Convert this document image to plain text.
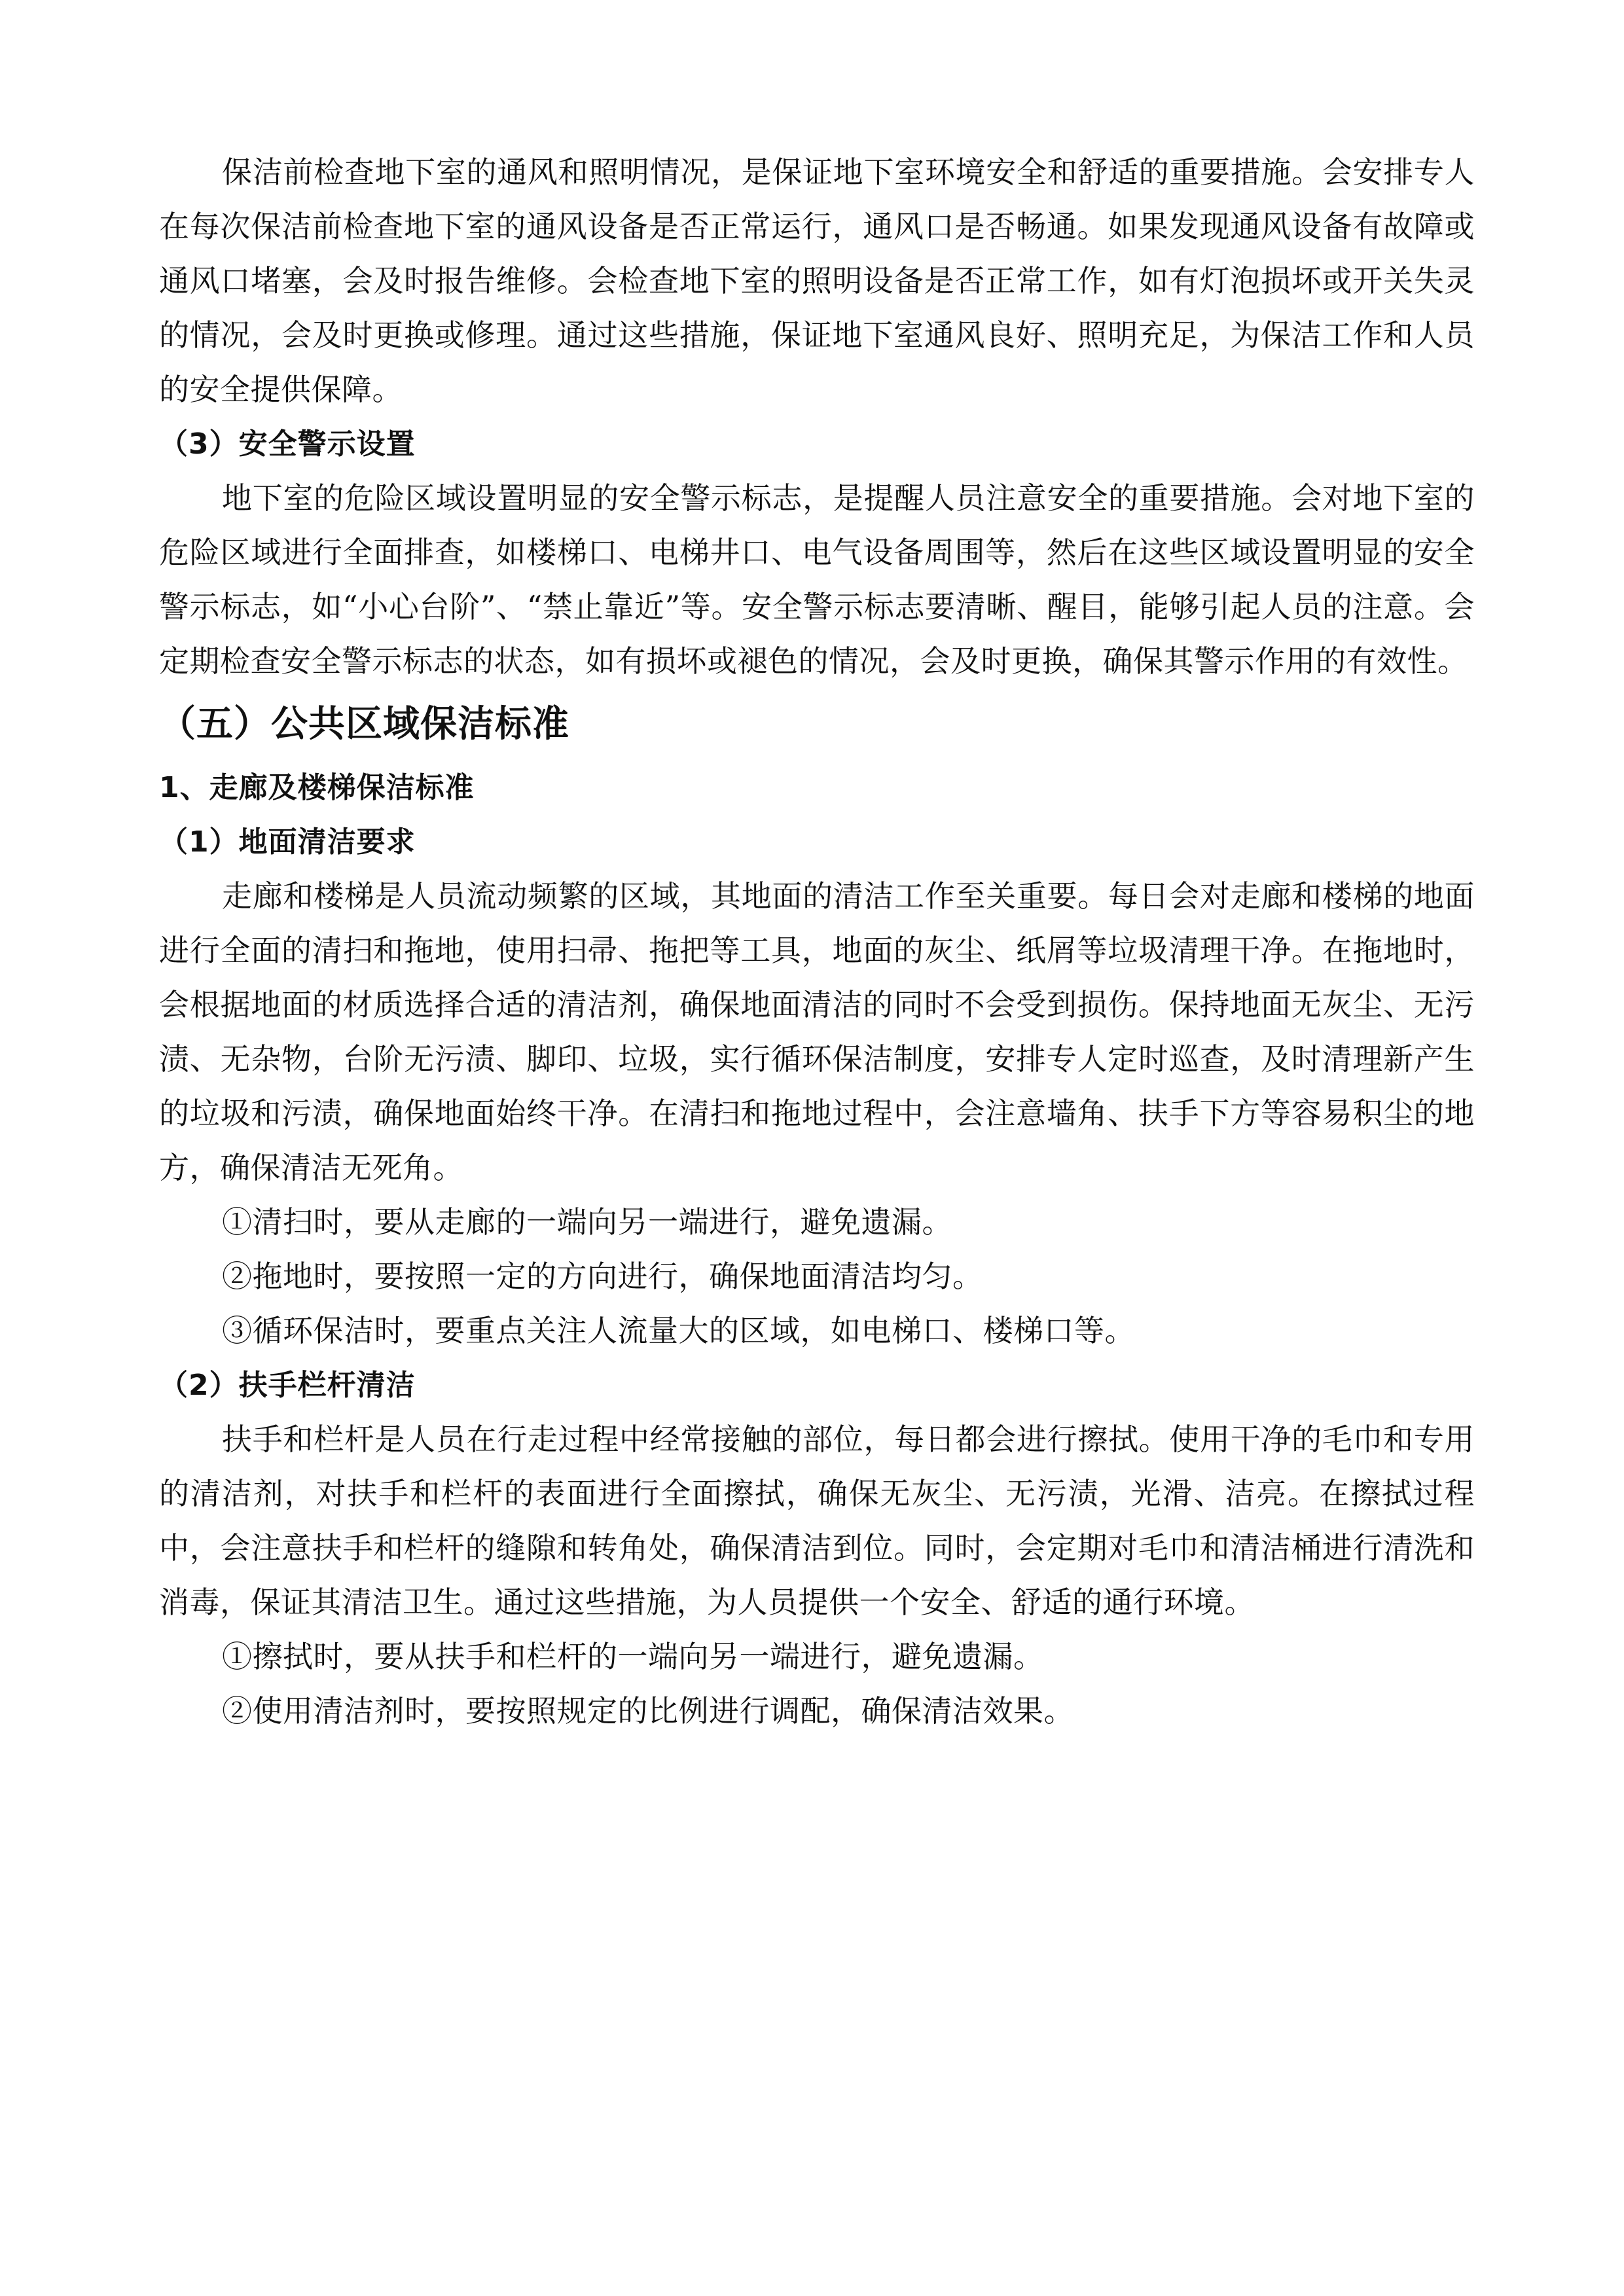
保洁前检查地下室的通风和照明情况，是保证地下室环境安全和舒适的重要措施。会安排专人在每次保洁前检查地下室的通风设备是否正常运行，通风口是否畅通。如果发现通风设备有故障或通风口堵塞，会及时报告维修。会检查地下室的照明设备是否正常工作，如有灯泡损坏或开关失灵的情况，会及时更换或修理。通过这些措施，保证地下室通风良好、照明充足，为保洁工作和人员的安全提供保障。

（3）安全警示设置

地下室的危险区域设置明显的安全警示标志，是提醒人员注意安全的重要措施。会对地下室的危险区域进行全面排查，如楼梯口、电梯井口、电气设备周围等，然后在这些区域设置明显的安全警示标志，如“小心台阶”、“禁止靠近”等。安全警示标志要清晰、醒目，能够引起人员的注意。会定期检查安全警示标志的状态，如有损坏或褪色的情况，会及时更换，确保其警示作用的有效性。

（五）公共区域保洁标准

1、走廊及楼梯保洁标准

（1）地面清洁要求

走廊和楼梯是人员流动频繁的区域，其地面的清洁工作至关重要。每日会对走廊和楼梯的地面进行全面的清扫和拖地，使用扫帚、拖把等工具，地面的灰尘、纸屑等垃圾清理干净。在拖地时，会根据地面的材质选择合适的清洁剂，确保地面清洁的同时不会受到损伤。保持地面无灰尘、无污渍、无杂物，台阶无污渍、脚印、垃圾，实行循环保洁制度，安排专人定时巡查，及时清理新产生的垃圾和污渍，确保地面始终干净。在清扫和拖地过程中，会注意墙角、扶手下方等容易积尘的地方，确保清洁无死角。

①清扫时，要从走廊的一端向另一端进行，避免遗漏。

②拖地时，要按照一定的方向进行，确保地面清洁均匀。

③循环保洁时，要重点关注人流量大的区域，如电梯口、楼梯口等。

（2）扶手栏杆清洁

扶手和栏杆是人员在行走过程中经常接触的部位，每日都会进行擦拭。使用干净的毛巾和专用的清洁剂，对扶手和栏杆的表面进行全面擦拭，确保无灰尘、无污渍，光滑、洁亮。在擦拭过程中，会注意扶手和栏杆的缝隙和转角处，确保清洁到位。同时，会定期对毛巾和清洁桶进行清洗和消毒，保证其清洁卫生。通过这些措施，为人员提供一个安全、舒适的通行环境。

①擦拭时，要从扶手和栏杆的一端向另一端进行，避免遗漏。

②使用清洁剂时，要按照规定的比例进行调配，确保清洁效果。
